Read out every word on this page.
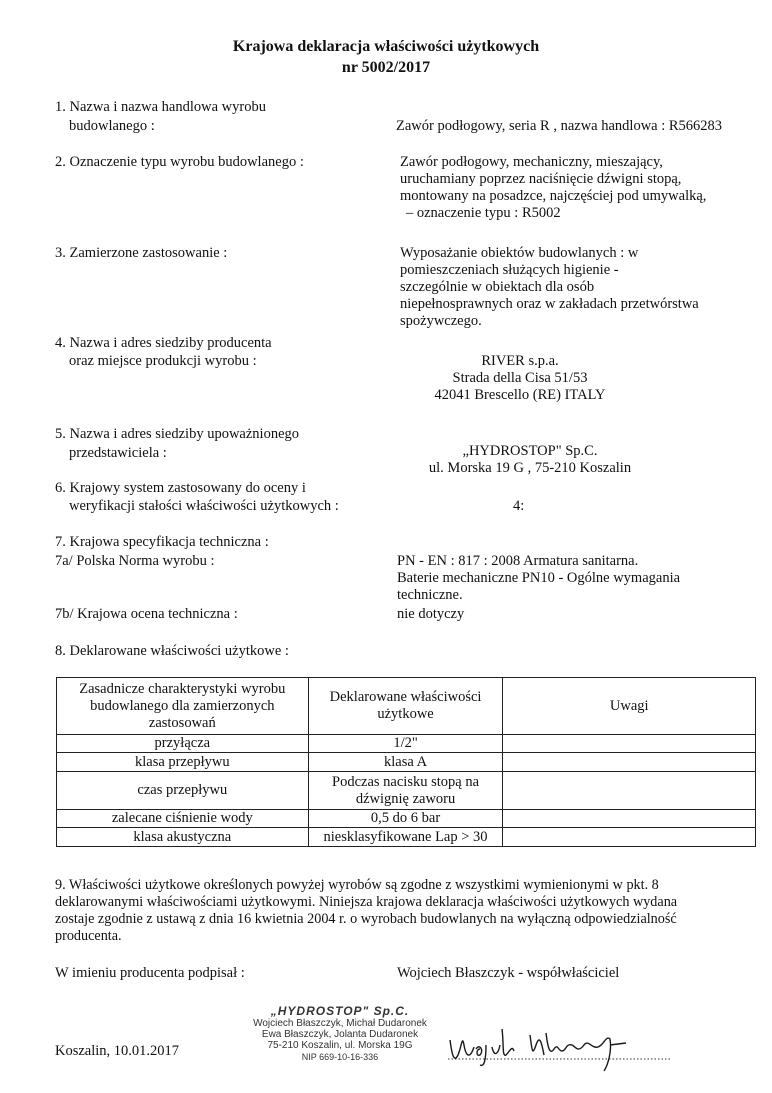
Krajowa deklaracja właściwości użytkowych
nr 5002/2017
1. Nazwa i nazwa handlowa wyrobu
budowlanego :	Zawór podłogowy, seria R , nazwa handlowa : R566283
2. Oznaczenie typu wyrobu budowlanego :	Zawór podłogowy, mechaniczny, mieszający,
uruchamiany poprzez naciśnięcie dźwigni stopą,
montowany na posadzce, najczęściej pod umywalką,
– oznaczenie typu : R5002
3. Zamierzone zastosowanie :	Wyposażanie obiektów budowlanych : w
pomieszczeniach służących higienie -
szczególnie w obiektach dla osób
niepełnosprawnych oraz w zakładach przetwórstwa
spożywczego.
4. Nazwa i adres siedziby producenta
oraz miejsce produkcji wyrobu :	RIVER s.p.a.
Strada della Cisa 51/53
42041 Brescello (RE) ITALY
5. Nazwa i adres siedziby upoważnionego
przedstawiciela :	„HYDROSTOP" Sp.C.
ul. Morska 19 G , 75-210 Koszalin
6. Krajowy system zastosowany do oceny i
weryfikacji stałości właściwości użytkowych :	4:
7. Krajowa specyfikacja techniczna :
7a/ Polska Norma wyrobu :	PN - EN : 817 : 2008 Armatura sanitarna.
Baterie mechaniczne PN10 - Ogólne wymagania
techniczne.
7b/ Krajowa ocena techniczna :	nie dotyczy
8. Deklarowane właściwości użytkowe :
Zasadnicze charakterystyki wyrobu budowlanego dla zamierzonych zastosowań	Deklarowane właściwości użytkowe	Uwagi
przyłącza	1/2"	
klasa przepływu	klasa A	
czas przepływu	Podczas nacisku stopą na dźwignię zaworu	
zalecane ciśnienie wody	0,5 do 6 bar	
klasa akustyczna	niesklasyfikowane Lap > 30	
9. Właściwości użytkowe określonych powyżej wyrobów są zgodne z wszystkimi wymienionymi w pkt. 8
deklarowanymi właściwościami użytkowymi. Niniejsza krajowa deklaracja właściwości użytkowych wydana
zostaje zgodnie z ustawą z dnia 16 kwietnia 2004 r. o wyrobach budowlanych na wyłączną odpowiedzialność
producenta.
W imieniu producenta podpisał :	Wojciech Błaszczyk - współwłaściciel
Koszalin, 10.01.2017
„HYDROSTOP" Sp.C.
Wojciech Błaszczyk, Michał Dudaronek
Ewa Błaszczyk, Jolanta Dudaronek
75-210 Koszalin, ul. Morska 19G
NIP 669-10-16-336
